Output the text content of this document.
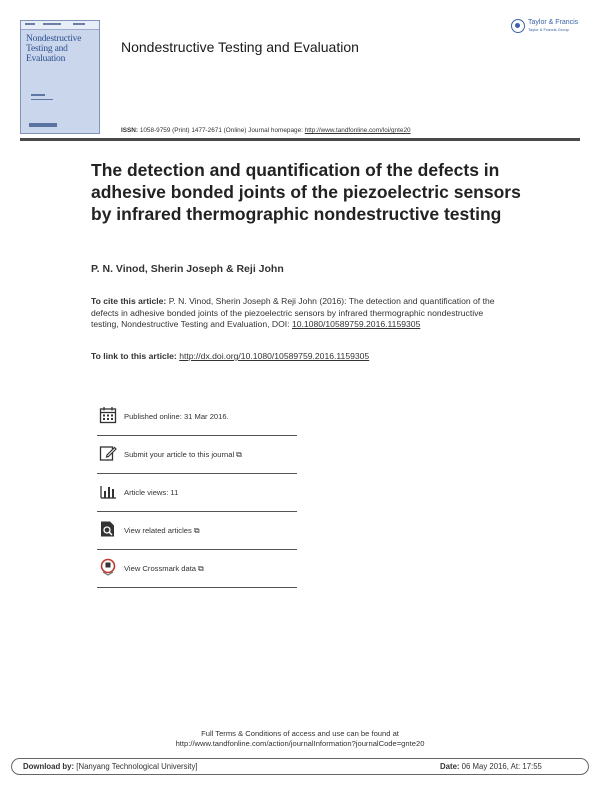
Nondestructive
Testing and
Evaluation
Nondestructive Testing and Evaluation
Taylor & Francis
Taylor & Francis Group
ISSN: 1058-9759 (Print) 1477-2671 (Online) Journal homepage: http://www.tandfonline.com/loi/gnte20
The detection and quantification of the defects in adhesive bonded joints of the piezoelectric sensors by infrared thermographic nondestructive testing
P. N. Vinod, Sherin Joseph & Reji John
To cite this article: P. N. Vinod, Sherin Joseph & Reji John (2016): The detection and quantification of the defects in adhesive bonded joints of the piezoelectric sensors by infrared thermographic nondestructive testing, Nondestructive Testing and Evaluation, DOI: 10.1080/10589759.2016.1159305
To link to this article: http://dx.doi.org/10.1080/10589759.2016.1159305
Published online: 31 Mar 2016.
Submit your article to this journal ⧉
Article views: 11
View related articles ⧉
View Crossmark data ⧉
Full Terms & Conditions of access and use can be found at
http://www.tandfonline.com/action/journalInformation?journalCode=gnte20
Download by: [Nanyang Technological University]	Date: 06 May 2016, At: 17:55
